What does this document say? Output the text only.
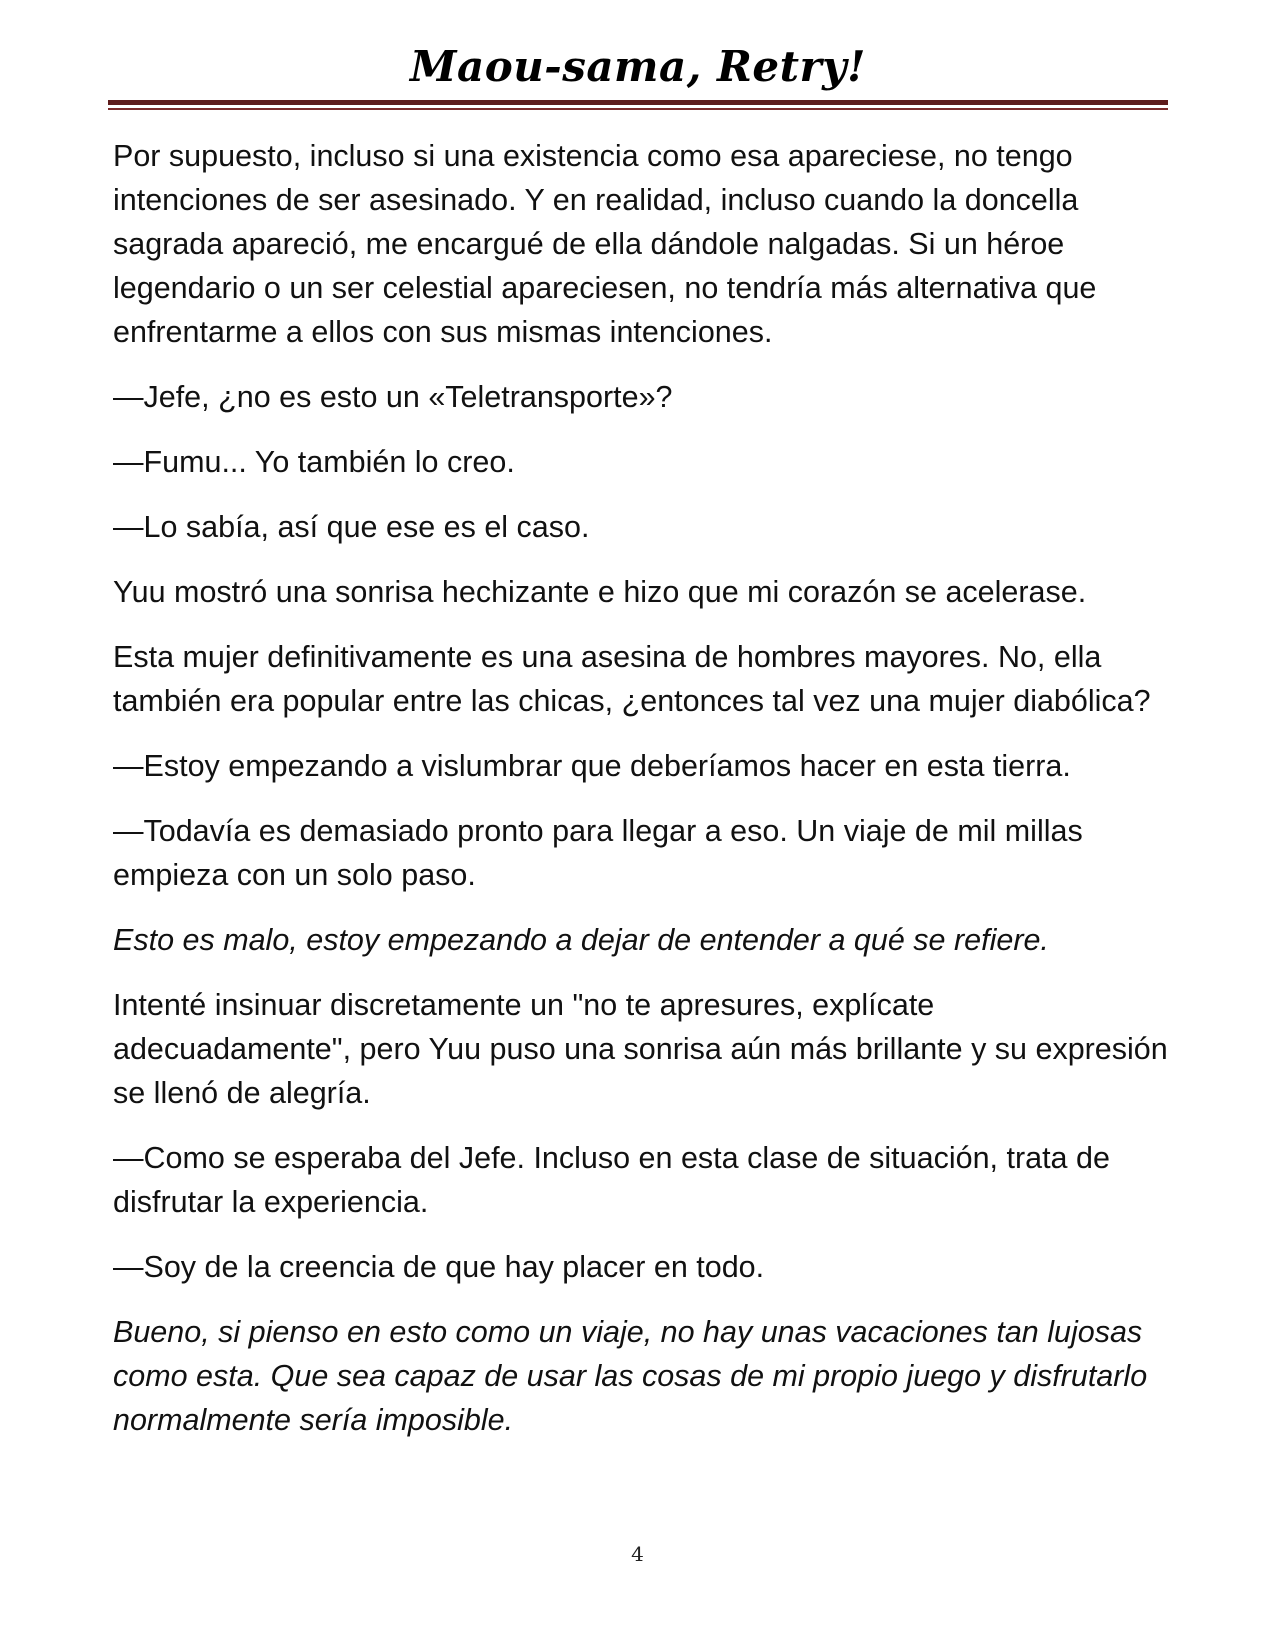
Maou-sama, Retry!

Por supuesto, incluso si una existencia como esa apareciese, no tengo intenciones de ser asesinado. Y en realidad, incluso cuando la doncella sagrada apareció, me encargué de ella dándole nalgadas. Si un héroe legendario o un ser celestial apareciesen, no tendría más alternativa que enfrentarme a ellos con sus mismas intenciones.

—Jefe, ¿no es esto un «Teletransporte»?

—Fumu... Yo también lo creo.

—Lo sabía, así que ese es el caso.

Yuu mostró una sonrisa hechizante e hizo que mi corazón se acelerase.

Esta mujer definitivamente es una asesina de hombres mayores. No, ella también era popular entre las chicas, ¿entonces tal vez una mujer diabólica?

—Estoy empezando a vislumbrar que deberíamos hacer en esta tierra.

—Todavía es demasiado pronto para llegar a eso. Un viaje de mil millas empieza con un solo paso.

Esto es malo, estoy empezando a dejar de entender a qué se refiere.

Intenté insinuar discretamente un "no te apresures, explícate adecuadamente", pero Yuu puso una sonrisa aún más brillante y su expresión se llenó de alegría.

—Como se esperaba del Jefe. Incluso en esta clase de situación, trata de disfrutar la experiencia.

—Soy de la creencia de que hay placer en todo.

Bueno, si pienso en esto como un viaje, no hay unas vacaciones tan lujosas como esta. Que sea capaz de usar las cosas de mi propio juego y disfrutarlo normalmente sería imposible.

4
